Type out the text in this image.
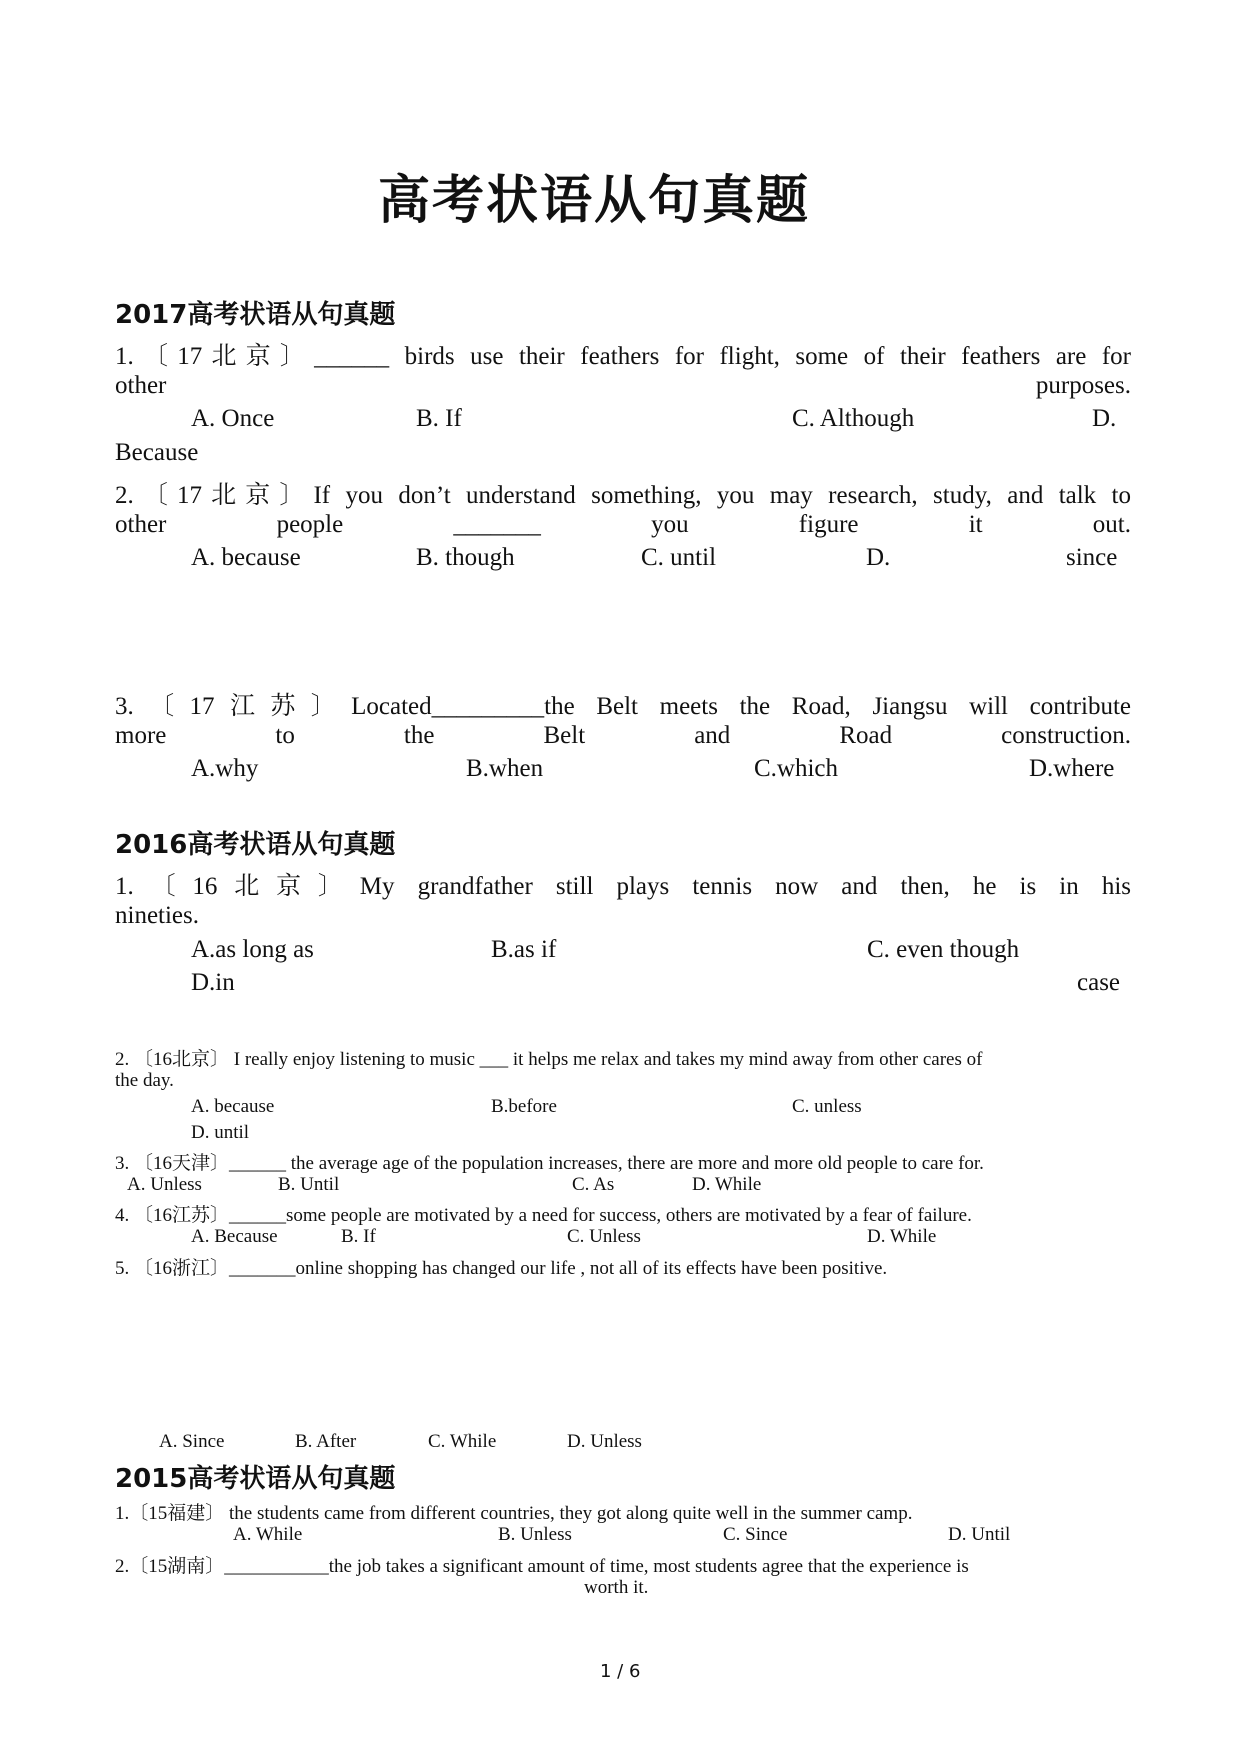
高考状语从句真题
2017高考状语从句真题
1.〔17北京〕______ birds use their feathers for flight, some of their feathers are for
other purposes.
A. Once	B. If	C. Although	D.
Because
2.〔17北京〕If you don’t understand something, you may research, study, and talk to
other people _______ you figure it out.
A. because	B. though	C. until	D.	since
3.〔17江苏〕Located_________the Belt meets the Road, Jiangsu will contribute
more to the Belt and Road construction.
A.why	B.when	C.which	D.where
2016高考状语从句真题
1.〔16北京〕My grandfather still plays tennis now and then, he is in his
nineties.
A.as long as	B.as if	C. even though
D.in	case
2. 〔16北京〕 I really enjoy listening to music ___ it helps me relax and takes my mind away from other cares of
the day.
A. because	B.before	C. unless
D. until
3. 〔16天津〕______ the average age of the population increases, there are more and more old people to care for.
A. Unless	B. Until	C. As	D. While
4. 〔16江苏〕______some people are motivated by a need for success, others are motivated by a fear of failure.
A. Because	B. If	C. Unless	D. While
5. 〔16浙江〕_______online shopping has changed our life , not all of its effects have been positive.
A. Since	B. After	C. While	D. Unless
2015高考状语从句真题
1.〔15福建〕 the students came from different countries, they got along quite well in the summer camp.
A. While	B. Unless	C. Since	D. Until
2.〔15湖南〕___________the job takes a significant amount of time, most students agree that the experience is
worth it.
1 / 6
